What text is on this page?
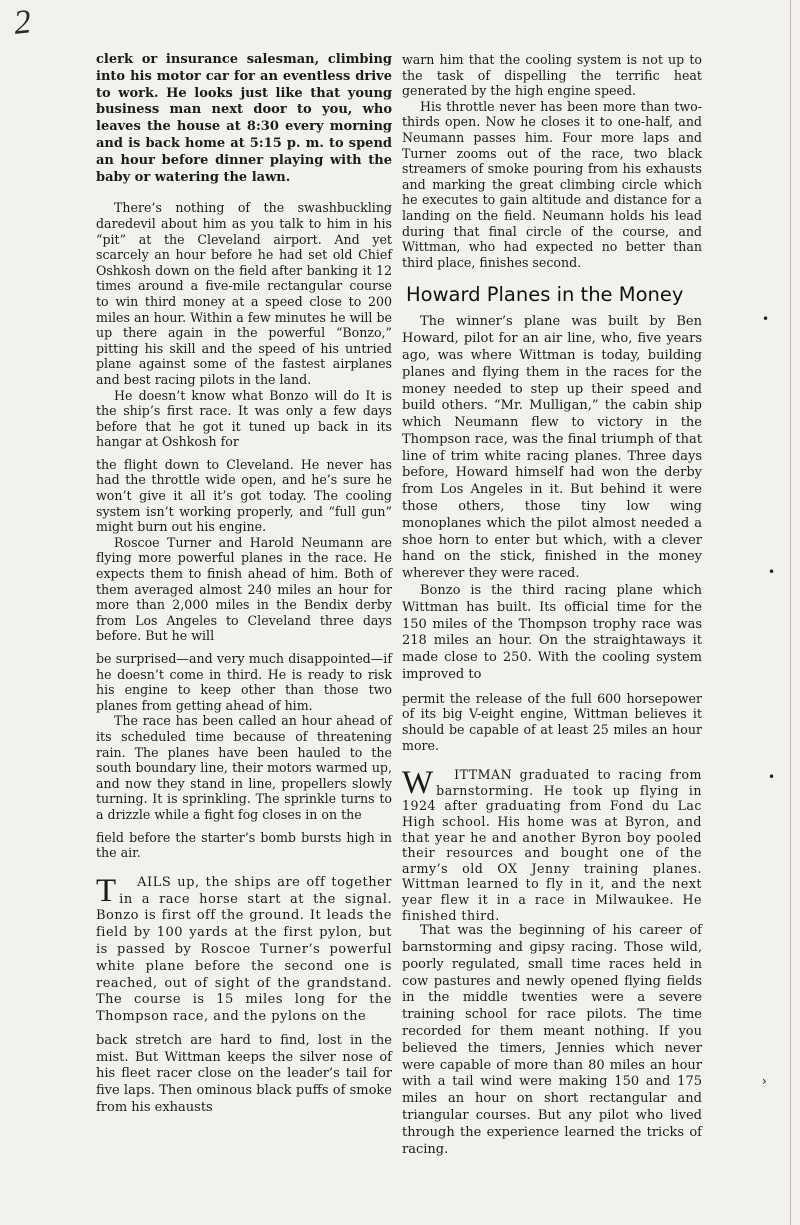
2
•
•
•
›

clerk or insurance salesman, climbing into his motor car for an eventless drive to work. He looks just like that young business man next door to you, who leaves the house at 8:30 every morning and is back home at 5:15 p. m. to spend an hour before dinner playing with the baby or watering the lawn.

There’s nothing of the swashbuckling daredevil about him as you talk to him in his “pit” at the Cleveland airport. And yet scarcely an hour before he had set old Chief Oshkosh down on the field after banking it 12 times around a five-mile rectangular course to win third money at a speed close to 200 miles an hour. Within a few minutes he will be up there again in the powerful “Bonzo,” pitting his skill and the speed of his untried plane against some of the fastest airplanes and best racing pilots in the land.

He doesn’t know what Bonzo will do It is the ship’s first race. It was only a few days before that he got it tuned up back in its hangar at Oshkosh for

the flight down to Cleveland. He never has had the throttle wide open, and he’s sure he won’t give it all it’s got today. The cooling system isn’t working properly, and “full gun” might burn out his engine.

Roscoe Turner and Harold Neumann are flying more powerful planes in the race. He expects them to finish ahead of him. Both of them averaged almost 240 miles an hour for more than 2,000 miles in the Bendix derby from Los Angeles to Cleveland three days before. But he will

be surprised—and very much disappointed—if he doesn’t come in third. He is ready to risk his engine to keep other than those two planes from getting ahead of him.

The race has been called an hour ahead of its scheduled time because of threatening rain. The planes have been hauled to the south boundary line, their motors warmed up, and now they stand in line, propellers slowly turning. It is sprinkling. The sprinkle turns to a drizzle while a fight fog closes in on the

field before the starter’s bomb bursts high in the air.

T AILS up, the ships are off together in a race horse start at the signal. Bonzo is first off the ground. It leads the field by 100 yards at the first pylon, but is passed by Roscoe Turner’s powerful white plane before the second one is reached, out of sight of the grandstand. The course is 15 miles long for the Thompson race, and the pylons on the

back stretch are hard to find, lost in the mist. But Wittman keeps the silver nose of his fleet racer close on the leader’s tail for five laps. Then ominous black puffs of smoke from his exhausts

warn him that the cooling system is not up to the task of dispelling the terrific heat generated by the high engine speed.

His throttle never has been more than two-thirds open. Now he closes it to one-half, and Neumann passes him. Four more laps and Turner zooms out of the race, two black streamers of smoke pouring from his exhausts and marking the great climbing circle which he executes to gain altitude and distance for a landing on the field. Neumann holds his lead during that final circle of the course, and Wittman, who had expected no better than third place, finishes second.

Howard Planes in the Money

The winner’s plane was built by Ben Howard, pilot for an air line, who, five years ago, was where Wittman is today, building planes and flying them in the races for the money needed to step up their speed and build others. “Mr. Mulligan,” the cabin ship which Neumann flew to victory in the Thompson race, was the final triumph of that line of trim white racing planes. Three days before, Howard himself had won the derby from Los Angeles in it. But behind it were those others, those tiny low wing monoplanes which the pilot almost needed a shoe horn to enter but which, with a clever hand on the stick, finished in the money wherever they were raced.

Bonzo is the third racing plane which Wittman has built. Its official time for the 150 miles of the Thompson trophy race was 218 miles an hour. On the straightaways it made close to 250. With the cooling system improved to

permit the release of the full 600 horsepower of its big V-eight engine, Wittman believes it should be capable of at least 25 miles an hour more.

W ITTMAN graduated to racing from barnstorming. He took up flying in 1924 after graduating from Fond du Lac High school. His home was at Byron, and that year he and another Byron boy pooled their resources and bought one of the army’s old OX Jenny training planes. Wittman learned to fly in it, and the next year flew it in a race in Milwaukee. He finished third.

That was the beginning of his career of barnstorming and gipsy racing. Those wild, poorly regulated, small time races held in cow pastures and newly opened flying fields in the middle twenties were a severe training school for race pilots. The time recorded for them meant nothing. If you believed the timers, Jennies which never were capable of more than 80 miles an hour with a tail wind were making 150 and 175 miles an hour on short rectangular and triangular courses. But any pilot who lived through the experience learned the tricks of racing.
